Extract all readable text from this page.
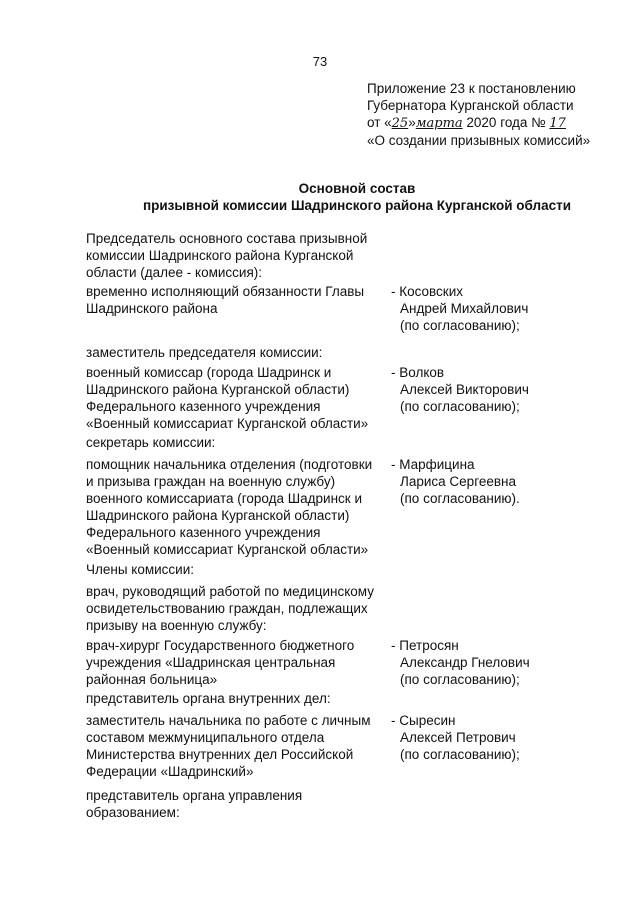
73
Приложение 23 к постановлению
Губернатора Курганской области
от «25»марта 2020 года № 17
«О создании призывных комиссий»
Основной состав
призывной комиссии Шадринского района Курганской области
Председатель основного состава призывной
комиссии Шадринского района Курганской
области (далее - комиссия):
временно исполняющий обязанности Главы
Шадринского района
- Косовских
Андрей Михайлович
(по согласованию);
заместитель председателя комиссии:
военный комиссар (города Шадринск и
Шадринского района Курганской области)
Федерального казенного учреждения
«Военный комиссариат Курганской области»
- Волков
Алексей Викторович
(по согласованию);
секретарь комиссии:
помощник начальника отделения (подготовки
и призыва граждан на военную службу)
военного комиссариата (города Шадринск и
Шадринского района Курганской области)
Федерального казенного учреждения
«Военный комиссариат Курганской области»
- Марфицина
Лариса Сергеевна
(по согласованию).
Члены комиссии:
врач, руководящий работой по медицинскому
освидетельствованию граждан, подлежащих
призыву на военную службу:
врач-хирург Государственного бюджетного
учреждения «Шадринская центральная
районная больница»
- Петросян
Александр Гнелович
(по согласованию);
представитель органа внутренних дел:
заместитель начальника по работе с личным
составом межмуниципального отдела
Министерства внутренних дел Российской
Федерации «Шадринский»
- Сыресин
Алексей Петрович
(по согласованию);
представитель органа управления
образованием:
